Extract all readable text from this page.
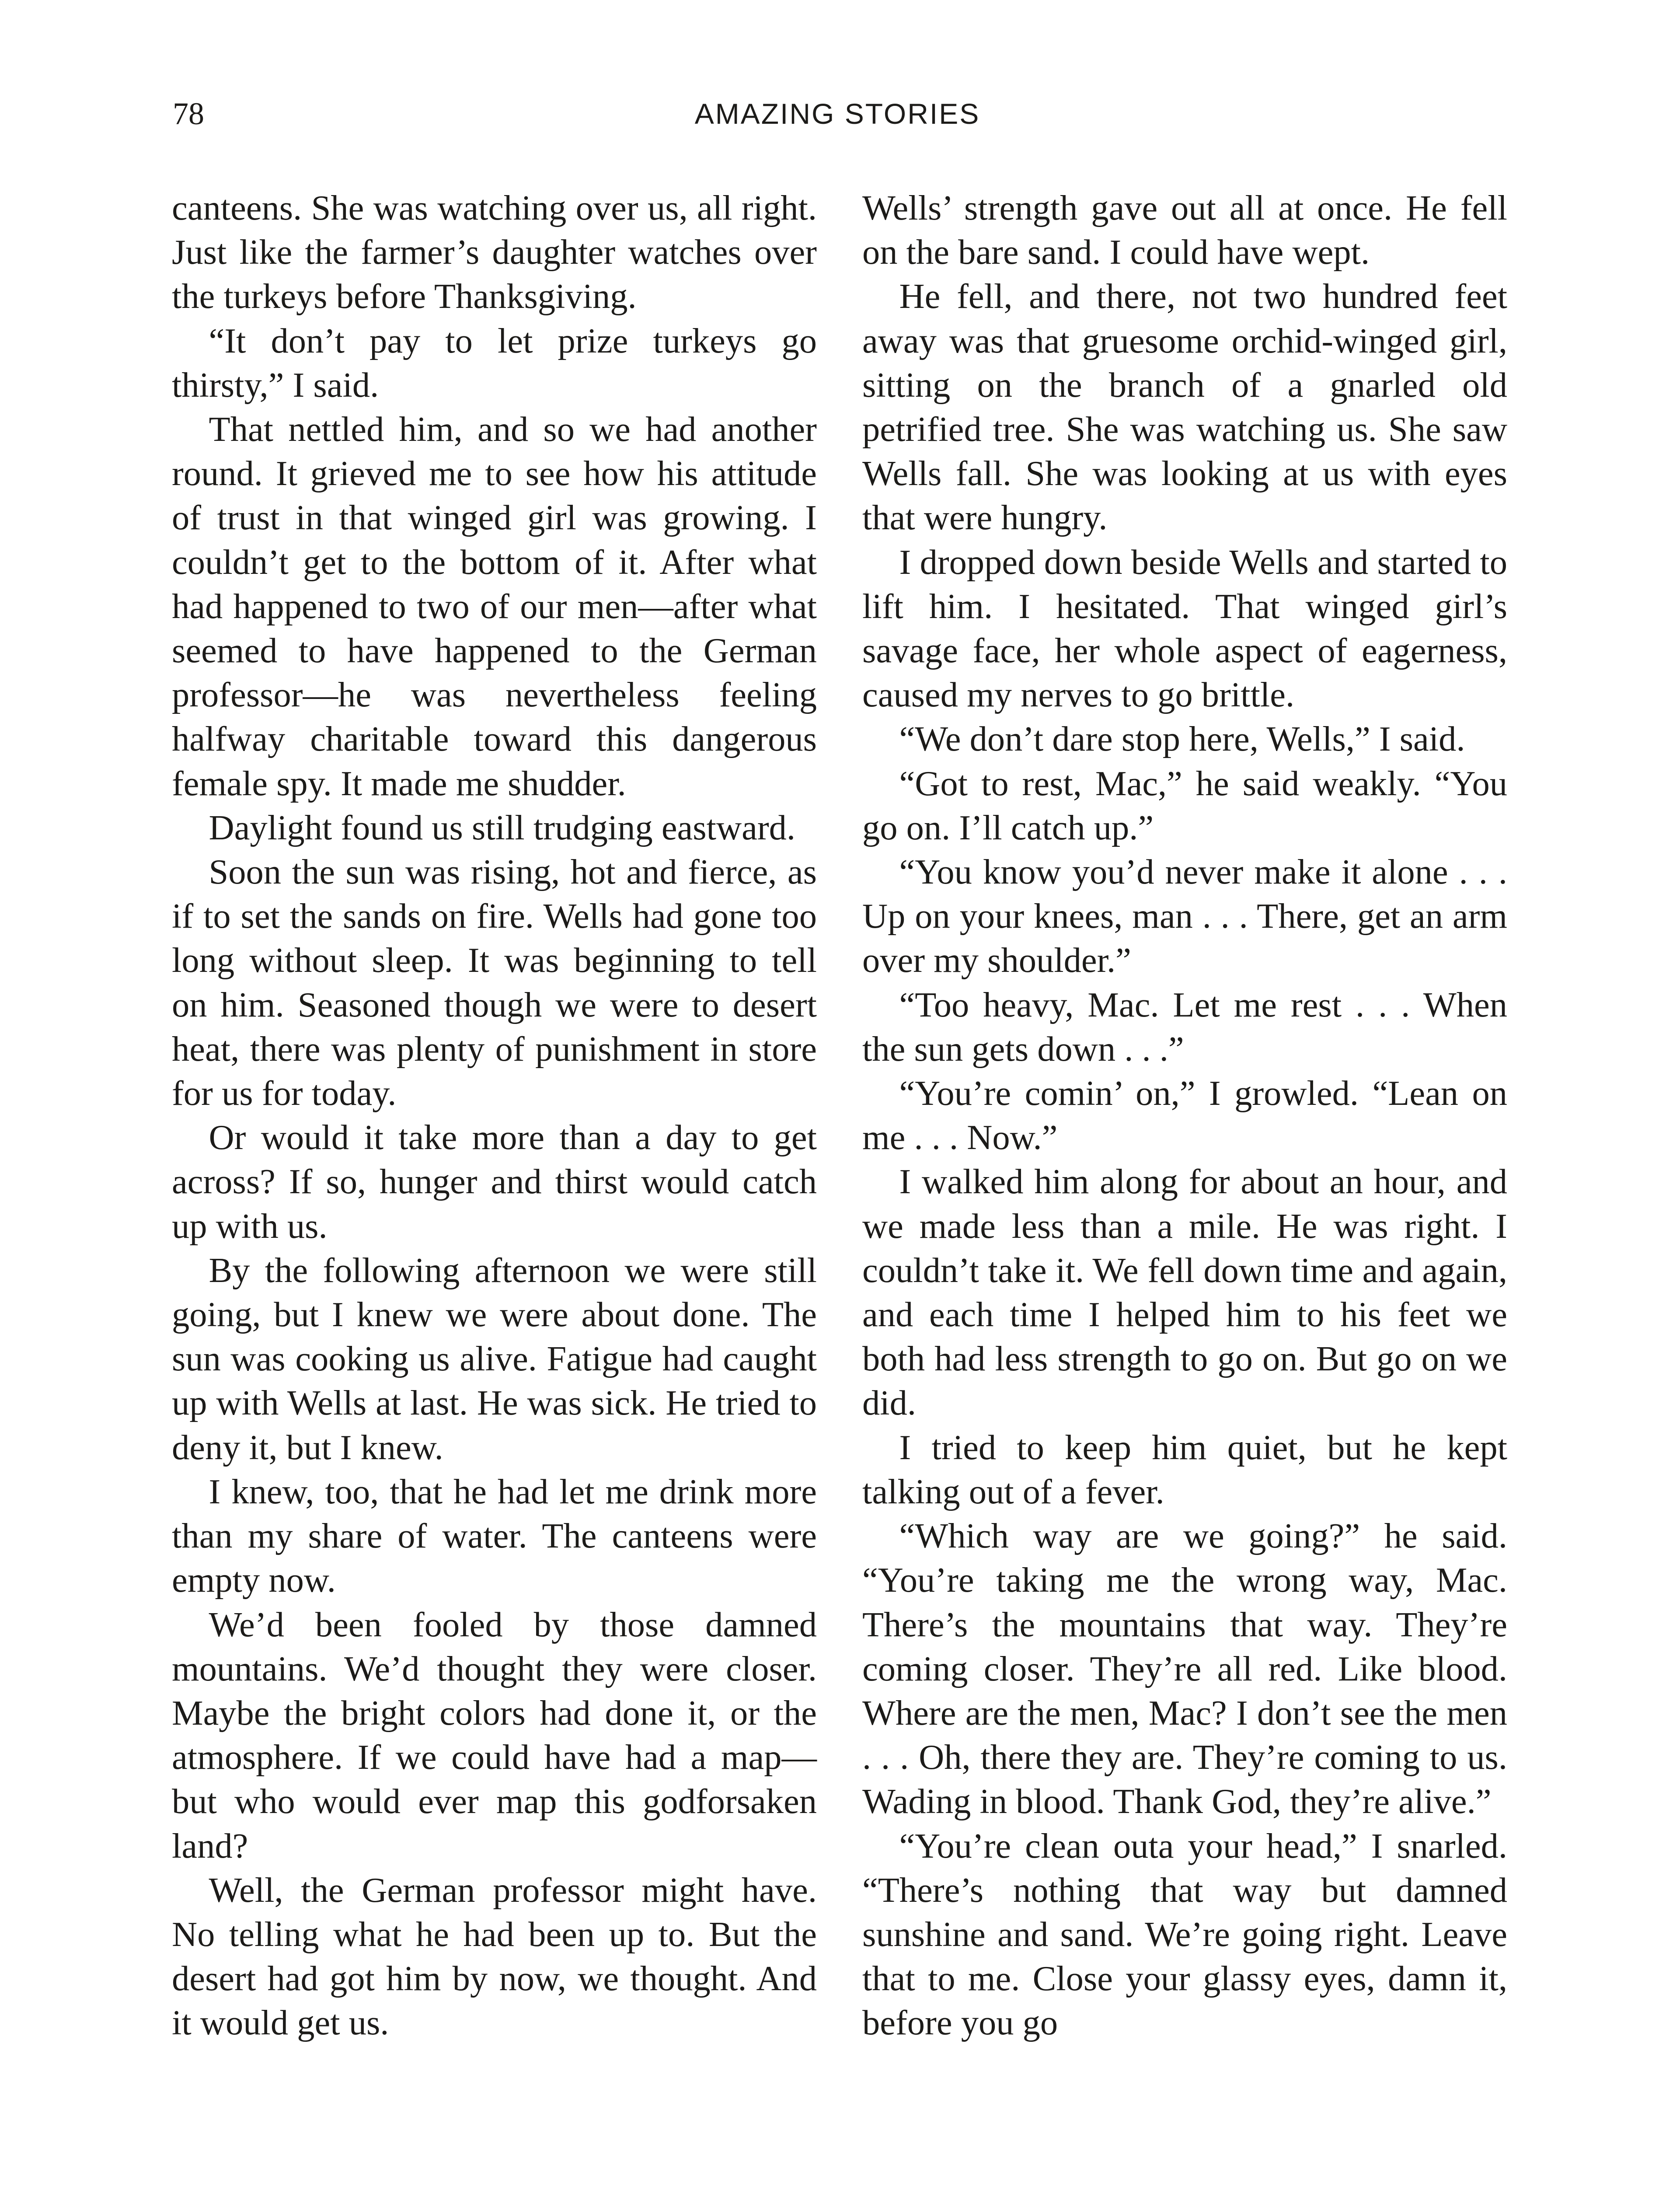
78	AMAZING STORIES

canteens. She was watching over us, all right. Just like the farmer’s daughter watches over the turkeys before Thanksgiving.

“It don’t pay to let prize turkeys go thirsty,” I said.

That nettled him, and so we had another round. It grieved me to see how his attitude of trust in that winged girl was growing. I couldn’t get to the bottom of it. After what had happened to two of our men—after what seemed to have happened to the German professor—he was nevertheless feeling halfway charitable toward this dangerous female spy. It made me shudder.

Daylight found us still trudging eastward.

Soon the sun was rising, hot and fierce, as if to set the sands on fire. Wells had gone too long without sleep. It was beginning to tell on him. Seasoned though we were to desert heat, there was plenty of punishment in store for us for today.

Or would it take more than a day to get across? If so, hunger and thirst would catch up with us.

By the following afternoon we were still going, but I knew we were about done. The sun was cooking us alive. Fatigue had caught up with Wells at last. He was sick. He tried to deny it, but I knew.

I knew, too, that he had let me drink more than my share of water. The canteens were empty now.

We’d been fooled by those damned mountains. We’d thought they were closer. Maybe the bright colors had done it, or the atmosphere. If we could have had a map—but who would ever map this godforsaken land?

Well, the German professor might have. No telling what he had been up to. But the desert had got him by now, we thought. And it would get us.

Wells’ strength gave out all at once. He fell on the bare sand. I could have wept.

He fell, and there, not two hundred feet away was that gruesome orchid-winged girl, sitting on the branch of a gnarled old petrified tree. She was watching us. She saw Wells fall. She was looking at us with eyes that were hungry.

I dropped down beside Wells and started to lift him. I hesitated. That winged girl’s savage face, her whole aspect of eagerness, caused my nerves to go brittle.

“We don’t dare stop here, Wells,” I said.

“Got to rest, Mac,” he said weakly. “You go on. I’ll catch up.”

“You know you’d never make it alone . . . Up on your knees, man . . . There, get an arm over my shoulder.”

“Too heavy, Mac. Let me rest . . . When the sun gets down . . .”

“You’re comin’ on,” I growled. “Lean on me . . . Now.”

I walked him along for about an hour, and we made less than a mile. He was right. I couldn’t take it. We fell down time and again, and each time I helped him to his feet we both had less strength to go on. But go on we did.

I tried to keep him quiet, but he kept talking out of a fever.

“Which way are we going?” he said. “You’re taking me the wrong way, Mac. There’s the mountains that way. They’re coming closer. They’re all red. Like blood. Where are the men, Mac? I don’t see the men . . . Oh, there they are. They’re coming to us. Wading in blood. Thank God, they’re alive.”

“You’re clean outa your head,” I snarled. “There’s nothing that way but damned sunshine and sand. We’re going right. Leave that to me. Close your glassy eyes, damn it, before you go
